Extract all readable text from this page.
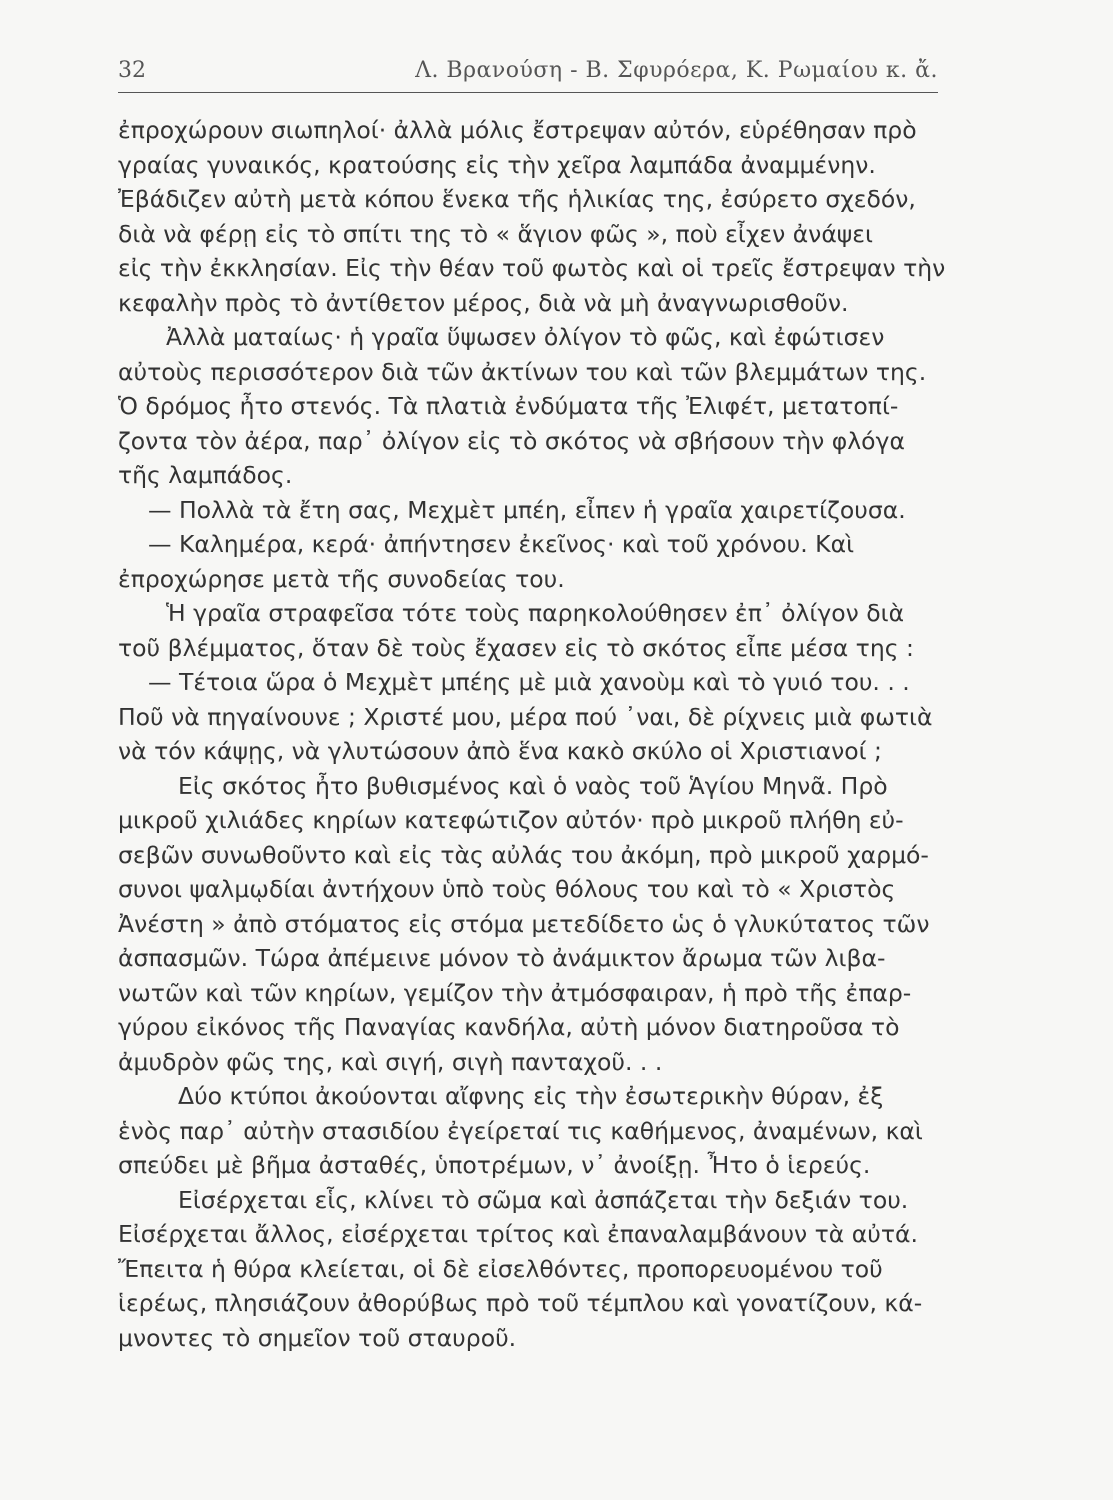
32	Λ. Βρανούση - Β. Σφυρόερα, Κ. Ρωμαίου κ. ἄ.
ἐπροχώρουν σιωπηλοί· ἀλλὰ μόλις ἔστρεψαν αὐτόν, εὑρέθησαν πρὸ
γραίας γυναικός, κρατούσης εἰς τὴν χεῖρα λαμπάδα ἀναμμένην.
Ἐβάδιζεν αὐτὴ μετὰ κόπου ἕνεκα τῆς ἡλικίας της, ἐσύρετο σχεδόν,
διὰ νὰ φέρῃ εἰς τὸ σπίτι της τὸ « ἅγιον φῶς », ποὺ εἶχεν ἀνάψει
εἰς τὴν ἐκκλησίαν. Εἰς τὴν θέαν τοῦ φωτὸς καὶ οἱ τρεῖς ἔστρεψαν τὴν
κεφαλὴν πρὸς τὸ ἀντίθετον μέρος, διὰ νὰ μὴ ἀναγνωρισθοῦν.
Ἀλλὰ ματαίως· ἡ γραῖα ὕψωσεν ὀλίγον τὸ φῶς, καὶ ἐφώτισεν
αὐτοὺς περισσότερον διὰ τῶν ἀκτίνων του καὶ τῶν βλεμμάτων της.
Ὁ δρόμος ἦτο στενός. Τὰ πλατιὰ ἐνδύματα τῆς Ἐλιφέτ, μετατοπί-
ζοντα τὸν ἀέρα, παρ᾽ ὀλίγον εἰς τὸ σκότος νὰ σβήσουν τὴν φλόγα
τῆς λαμπάδος.
— Πολλὰ τὰ ἔτη σας, Μεχμὲτ μπέη, εἶπεν ἡ γραῖα χαιρετίζουσα.
— Καλημέρα, κερά· ἀπήντησεν ἐκεῖνος· καὶ τοῦ χρόνου. Καὶ
ἐπροχώρησε μετὰ τῆς συνοδείας του.
Ἡ γραῖα στραφεῖσα τότε τοὺς παρηκολούθησεν ἐπ᾽ ὀλίγον διὰ
τοῦ βλέμματος, ὅταν δὲ τοὺς ἔχασεν εἰς τὸ σκότος εἶπε μέσα της :
— Τέτοια ὥρα ὁ Μεχμὲτ μπέης μὲ μιὰ χανοὺμ καὶ τὸ γυιό του. . .
Ποῦ νὰ πηγαίνουνε ; Χριστέ μου, μέρα πού ᾽ναι, δὲ ρίχνεις μιὰ φωτιὰ
νὰ τόν κάψῃς, νὰ γλυτώσουν ἀπὸ ἕνα κακὸ σκύλο οἱ Χριστιανοί ;
Εἰς σκότος ἦτο βυθισμένος καὶ ὁ ναὸς τοῦ Ἁγίου Μηνᾶ. Πρὸ
μικροῦ χιλιάδες κηρίων κατεφώτιζον αὐτόν· πρὸ μικροῦ πλήθη εὐ-
σεβῶν συνωθοῦντο καὶ εἰς τὰς αὐλάς του ἀκόμη, πρὸ μικροῦ χαρμό-
συνοι ψαλμῳδίαι ἀντήχουν ὑπὸ τοὺς θόλους του καὶ τὸ « Χριστὸς
Ἀνέστη » ἀπὸ στόματος εἰς στόμα μετεδίδετο ὡς ὁ γλυκύτατος τῶν
ἀσπασμῶν. Τώρα ἀπέμεινε μόνον τὸ ἀνάμικτον ἄρωμα τῶν λιβα-
νωτῶν καὶ τῶν κηρίων, γεμίζον τὴν ἀτμόσφαιραν, ἡ πρὸ τῆς ἐπαρ-
γύρου εἰκόνος τῆς Παναγίας κανδήλα, αὐτὴ μόνον διατηροῦσα τὸ
ἀμυδρὸν φῶς της, καὶ σιγή, σιγὴ πανταχοῦ. . .
Δύο κτύποι ἀκούονται αἴφνης εἰς τὴν ἐσωτερικὴν θύραν, ἐξ
ἑνὸς παρ᾽ αὐτὴν στασιδίου ἐγείρεταί τις καθήμενος, ἀναμένων, καὶ
σπεύδει μὲ βῆμα ἀσταθές, ὑποτρέμων, ν᾽ ἀνοίξῃ. Ἦτο ὁ ἱερεύς.
Εἰσέρχεται εἷς, κλίνει τὸ σῶμα καὶ ἀσπάζεται τὴν δεξιάν του.
Εἰσέρχεται ἄλλος, εἰσέρχεται τρίτος καὶ ἐπαναλαμβάνουν τὰ αὐτά.
Ἔπειτα ἡ θύρα κλείεται, οἱ δὲ εἰσελθόντες, προπορευομένου τοῦ
ἱερέως, πλησιάζουν ἀθορύβως πρὸ τοῦ τέμπλου καὶ γονατίζουν, κά-
μνοντες τὸ σημεῖον τοῦ σταυροῦ.
